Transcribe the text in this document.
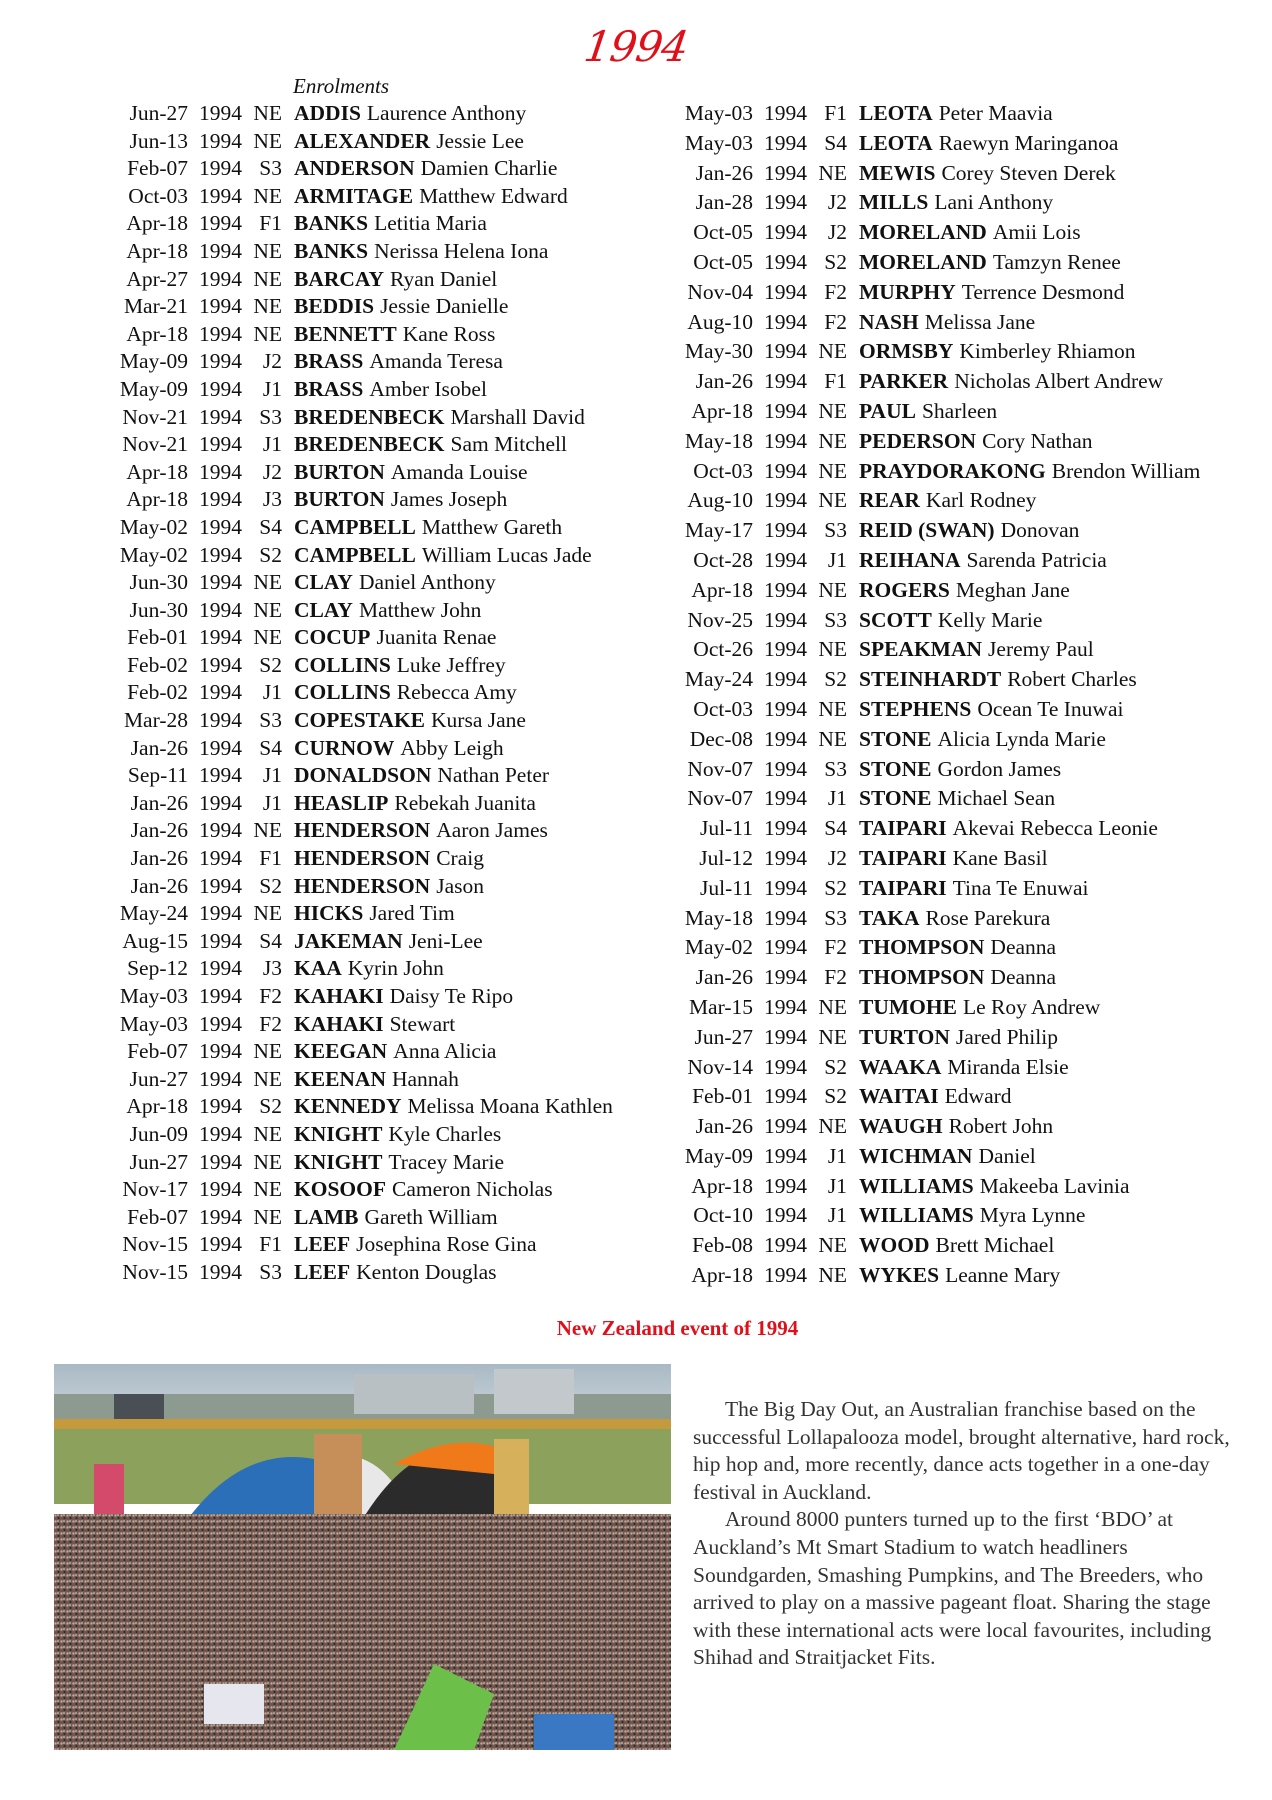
1994
Enrolments
Jun-27 1994 NE ADDIS Laurence Anthony
Jun-13 1994 NE ALEXANDER Jessie Lee
Feb-07 1994 S3 ANDERSON Damien Charlie
Oct-03 1994 NE ARMITAGE Matthew Edward
Apr-18 1994 F1 BANKS Letitia Maria
Apr-18 1994 NE BANKS Nerissa Helena Iona
Apr-27 1994 NE BARCAY Ryan Daniel
Mar-21 1994 NE BEDDIS Jessie Danielle
Apr-18 1994 NE BENNETT Kane Ross
May-09 1994 J2 BRASS Amanda Teresa
May-09 1994 J1 BRASS Amber Isobel
Nov-21 1994 S3 BREDENBECK Marshall David
Nov-21 1994 J1 BREDENBECK Sam Mitchell
Apr-18 1994 J2 BURTON Amanda Louise
Apr-18 1994 J3 BURTON James Joseph
May-02 1994 S4 CAMPBELL Matthew Gareth
May-02 1994 S2 CAMPBELL William Lucas Jade
Jun-30 1994 NE CLAY Daniel Anthony
Jun-30 1994 NE CLAY Matthew John
Feb-01 1994 NE COCUP Juanita Renae
Feb-02 1994 S2 COLLINS Luke Jeffrey
Feb-02 1994 J1 COLLINS Rebecca Amy
Mar-28 1994 S3 COPESTAKE Kursa Jane
Jan-26 1994 S4 CURNOW Abby Leigh
Sep-11 1994 J1 DONALDSON Nathan Peter
Jan-26 1994 J1 HEASLIP Rebekah Juanita
Jan-26 1994 NE HENDERSON Aaron James
Jan-26 1994 F1 HENDERSON Craig
Jan-26 1994 S2 HENDERSON Jason
May-24 1994 NE HICKS Jared Tim
Aug-15 1994 S4 JAKEMAN Jeni-Lee
Sep-12 1994 J3 KAA Kyrin John
May-03 1994 F2 KAHAKI Daisy Te Ripo
May-03 1994 F2 KAHAKI Stewart
Feb-07 1994 NE KEEGAN Anna Alicia
Jun-27 1994 NE KEENAN Hannah
Apr-18 1994 S2 KENNEDY Melissa Moana Kathlen
Jun-09 1994 NE KNIGHT Kyle Charles
Jun-27 1994 NE KNIGHT Tracey Marie
Nov-17 1994 NE KOSOOF Cameron Nicholas
Feb-07 1994 NE LAMB Gareth William
Nov-15 1994 F1 LEEF Josephina Rose Gina
Nov-15 1994 S3 LEEF Kenton Douglas
May-03 1994 F1 LEOTA Peter Maavia
May-03 1994 S4 LEOTA Raewyn Maringanoa
Jan-26 1994 NE MEWIS Corey Steven Derek
Jan-28 1994 J2 MILLS Lani Anthony
Oct-05 1994 J2 MORELAND Amii Lois
Oct-05 1994 S2 MORELAND Tamzyn Renee
Nov-04 1994 F2 MURPHY Terrence Desmond
Aug-10 1994 F2 NASH Melissa Jane
May-30 1994 NE ORMSBY Kimberley Rhiamon
Jan-26 1994 F1 PARKER Nicholas Albert Andrew
Apr-18 1994 NE PAUL Sharleen
May-18 1994 NE PEDERSON Cory Nathan
Oct-03 1994 NE PRAYDORAKONG Brendon William
Aug-10 1994 NE REAR Karl Rodney
May-17 1994 S3 REID (SWAN) Donovan
Oct-28 1994 J1 REIHANA Sarenda Patricia
Apr-18 1994 NE ROGERS Meghan Jane
Nov-25 1994 S3 SCOTT Kelly Marie
Oct-26 1994 NE SPEAKMAN Jeremy Paul
May-24 1994 S2 STEINHARDT Robert Charles
Oct-03 1994 NE STEPHENS Ocean Te Inuwai
Dec-08 1994 NE STONE Alicia Lynda Marie
Nov-07 1994 S3 STONE Gordon James
Nov-07 1994 J1 STONE Michael Sean
Jul-11 1994 S4 TAIPARI Akevai Rebecca Leonie
Jul-12 1994 J2 TAIPARI Kane Basil
Jul-11 1994 S2 TAIPARI Tina Te Enuwai
May-18 1994 S3 TAKA Rose Parekura
May-02 1994 F2 THOMPSON Deanna
Jan-26 1994 F2 THOMPSON Deanna
Mar-15 1994 NE TUMOHE Le Roy Andrew
Jun-27 1994 NE TURTON Jared Philip
Nov-14 1994 S2 WAAKA Miranda Elsie
Feb-01 1994 S2 WAITAI Edward
Jan-26 1994 NE WAUGH Robert John
May-09 1994 J1 WICHMAN Daniel
Apr-18 1994 J1 WILLIAMS Makeeba Lavinia
Oct-10 1994 J1 WILLIAMS Myra Lynne
Feb-08 1994 NE WOOD Brett Michael
Apr-18 1994 NE WYKES Leanne Mary
New Zealand event of 1994

The Big Day Out, an Australian franchise based on the successful Lollapalooza model, brought alternative, hard rock, hip hop and, more recently, dance acts together in a one-day festival in Auckland.

Around 8000 punters turned up to the first ‘BDO’ at Auckland’s Mt Smart Stadium to watch headliners Soundgarden, Smashing Pumpkins, and The Breeders, who arrived to play on a massive pageant float. Sharing the stage with these international acts were local favourites, including Shihad and Straitjacket Fits.
